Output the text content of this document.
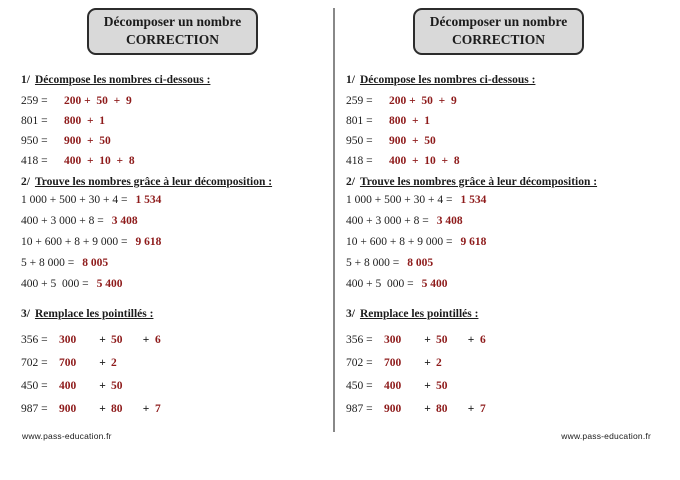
Décomposer un nombre
CORRECTION
1/ Décompose les nombres ci-dessous :
259 = 200 +  50  +  9
801 = 800  +  1
950 = 900  +  50
418 = 400  +  10  +  8
2/ Trouve les nombres grâce à leur décomposition :
1 000 + 500 + 30 + 4 = 1 534
400 + 3 000 + 8 = 3 408
10 + 600 + 8 + 9 000 = 9 618
5 + 8 000 = 8 005
400 + 5  000 = 5 400
3/ Remplace les pointillés :
356 = 300 + 50 + 6
702 = 700 + 2
450 = 400 + 50
987 = 900 + 80 + 7
www.pass-education.fr
Décomposer un nombre
CORRECTION
1/ Décompose les nombres ci-dessous :
259 = 200 +  50  +  9
801 = 800  +  1
950 = 900  +  50
418 = 400  +  10  +  8
2/ Trouve les nombres grâce à leur décomposition :
1 000 + 500 + 30 + 4 = 1 534
400 + 3 000 + 8 = 3 408
10 + 600 + 8 + 9 000 = 9 618
5 + 8 000 = 8 005
400 + 5  000 = 5 400
3/ Remplace les pointillés :
356 = 300 + 50 + 6
702 = 700 + 2
450 = 400 + 50
987 = 900 + 80 + 7
www.pass-education.fr
